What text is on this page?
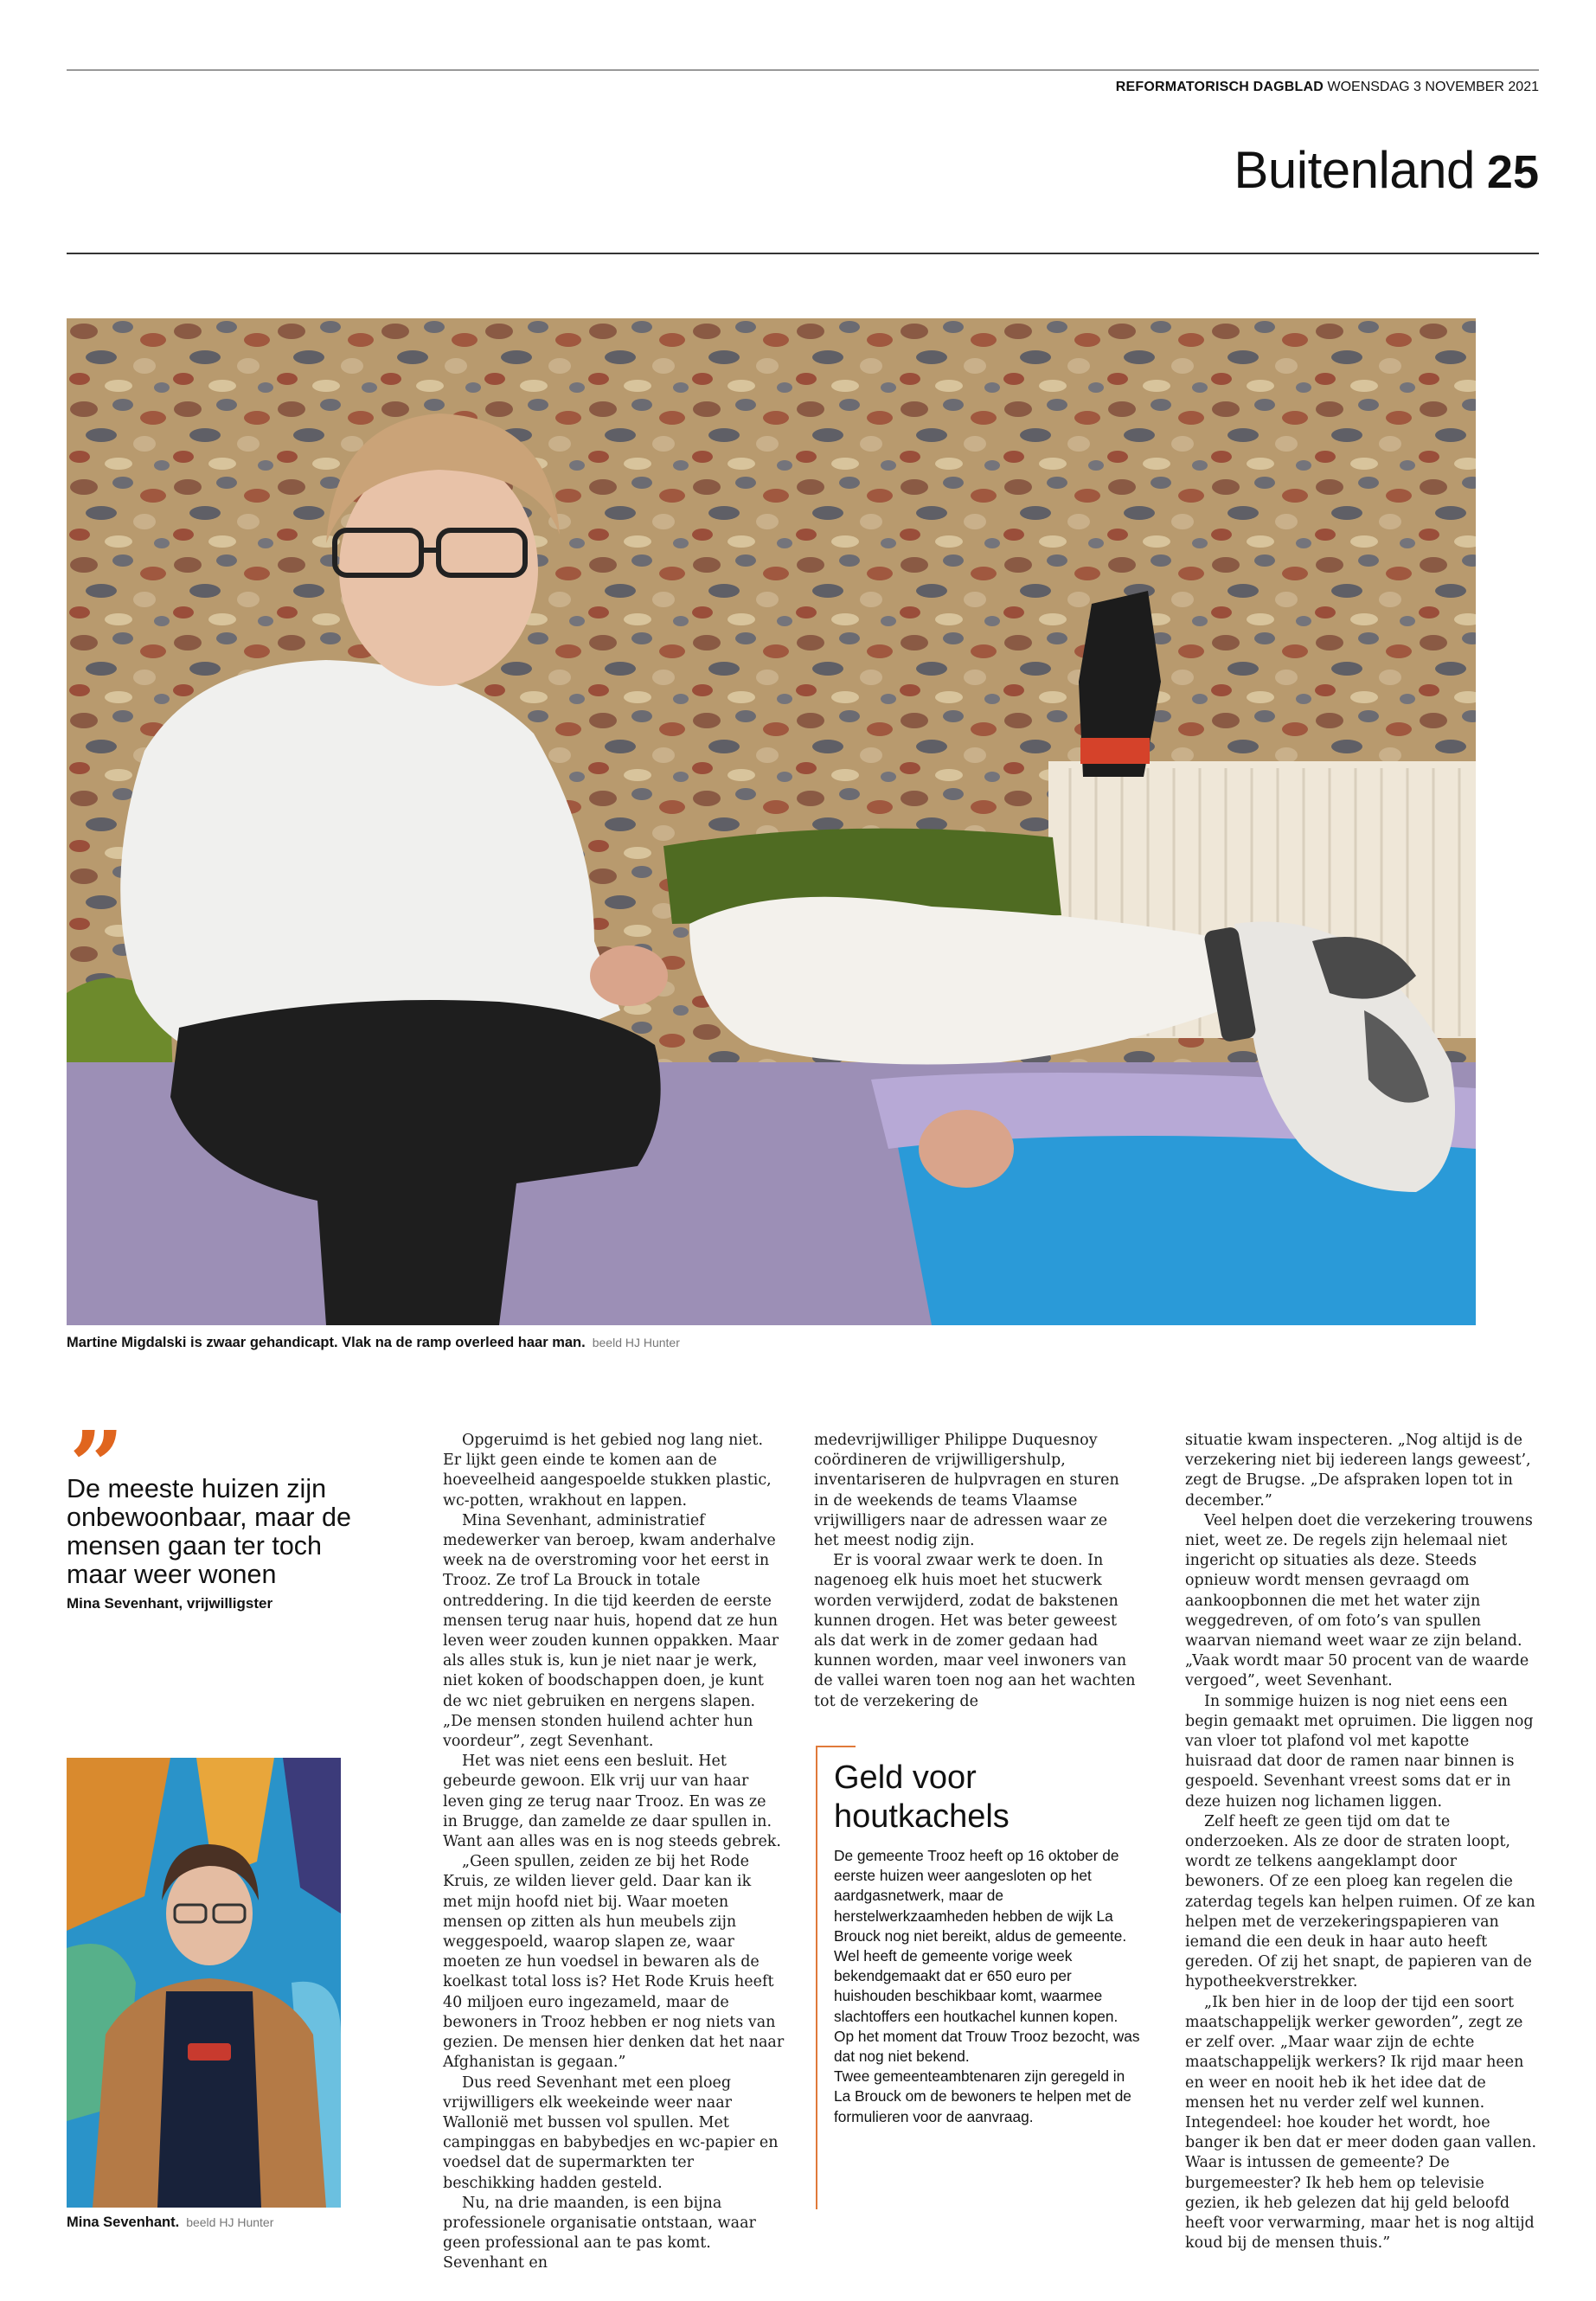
REFORMATORISCH DAGBLAD WOENSDAG 3 NOVEMBER 2021
Buitenland 25
Martine Migdalski is zwaar gehandicapt. Vlak na de ramp overleed haar man. beeld HJ Hunter
”
De meeste huizen zijn onbewoonbaar, maar de mensen gaan ter toch maar weer wonen
Mina Sevenhant, vrijwilligster
Mina Sevenhant. beeld HJ Hunter

Opgeruimd is het gebied nog lang niet. Er lijkt geen einde te komen aan de hoeveelheid aangespoelde stukken plastic, wc-potten, wrakhout en lappen.

Mina Sevenhant, administratief medewerker van beroep, kwam anderhalve week na de overstroming voor het eerst in Trooz. Ze trof La Brouck in totale ontreddering. In die tijd keerden de eerste mensen terug naar huis, hopend dat ze hun leven weer zouden kunnen oppakken. Maar als alles stuk is, kun je niet naar je werk, niet koken of boodschappen doen, je kunt de wc niet gebruiken en nergens slapen. „De mensen stonden huilend achter hun voordeur”, zegt Sevenhant.

Het was niet eens een besluit. Het gebeurde gewoon. Elk vrij uur van haar leven ging ze terug naar Trooz. En was ze in Brugge, dan zamelde ze daar spullen in. Want aan alles was en is nog steeds gebrek.

„Geen spullen, zeiden ze bij het Rode Kruis, ze wilden liever geld. Daar kan ik met mijn hoofd niet bij. Waar moeten mensen op zitten als hun meubels zijn weggespoeld, waarop slapen ze, waar moeten ze hun voedsel in bewaren als de koelkast total loss is? Het Rode Kruis heeft 40 miljoen euro ingezameld, maar de bewoners in Trooz hebben er nog niets van gezien. De mensen hier denken dat het naar Afghanistan is gegaan.”

Dus reed Sevenhant met een ploeg vrijwilligers elk weekeinde weer naar Wallonië met bussen vol spullen. Met campinggas en babybedjes en wc-papier en voedsel dat de supermarkten ter beschikking hadden gesteld.

Nu, na drie maanden, is een bijna professionele organisatie ontstaan, waar geen professional aan te pas komt. Sevenhant en

medevrijwilliger Philippe Duquesnoy coördineren de vrijwilligershulp, inventariseren de hulpvragen en sturen in de weekends de teams Vlaamse vrijwilligers naar de adressen waar ze het meest nodig zijn.

Er is vooral zwaar werk te doen. In nagenoeg elk huis moet het stucwerk worden verwijderd, zodat de bakstenen kunnen drogen. Het was beter geweest als dat werk in de zomer gedaan had kunnen worden, maar veel inwoners van de vallei waren toen nog aan het wachten tot de verzekering de

Geld voor houtkachels

De gemeente Trooz heeft op 16 oktober de eerste huizen weer aangesloten op het aardgasnetwerk, maar de herstelwerkzaamheden hebben de wijk La Brouck nog niet bereikt, aldus de gemeente.

Wel heeft de gemeente vorige week bekendgemaakt dat er 650 euro per huishouden beschikbaar komt, waarmee slachtoffers een houtkachel kunnen kopen. Op het moment dat Trouw Trooz bezocht, was dat nog niet bekend.

Twee gemeenteambtenaren zijn geregeld in La Brouck om de bewoners te helpen met de formulieren voor de aanvraag.

situatie kwam inspecteren. „Nog altijd is de verzekering niet bij iedereen langs geweest’, zegt de Brugse. „De afspraken lopen tot in december.”

Veel helpen doet die verzekering trouwens niet, weet ze. De regels zijn helemaal niet ingericht op situaties als deze. Steeds opnieuw wordt mensen gevraagd om aankoopbonnen die met het water zijn weggedreven, of om foto’s van spullen waarvan niemand weet waar ze zijn beland. „Vaak wordt maar 50 procent van de waarde vergoed”, weet Sevenhant.

In sommige huizen is nog niet eens een begin gemaakt met opruimen. Die liggen nog van vloer tot plafond vol met kapotte huisraad dat door de ramen naar binnen is gespoeld. Sevenhant vreest soms dat er in deze huizen nog lichamen liggen.

Zelf heeft ze geen tijd om dat te onderzoeken. Als ze door de straten loopt, wordt ze telkens aangeklampt door bewoners. Of ze een ploeg kan regelen die zaterdag tegels kan helpen ruimen. Of ze kan helpen met de verzekeringspapieren van iemand die een deuk in haar auto heeft gereden. Of zij het snapt, de papieren van de hypotheekverstrekker.

„Ik ben hier in de loop der tijd een soort maatschappelijk werker geworden”, zegt ze er zelf over. „Maar waar zijn de echte maatschappelijk werkers? Ik rijd maar heen en weer en nooit heb ik het idee dat de mensen het nu verder zelf wel kunnen. Integendeel: hoe kouder het wordt, hoe banger ik ben dat er meer doden gaan vallen. Waar is intussen de gemeente? De burgemeester? Ik heb hem op televisie gezien, ik heb gelezen dat hij geld beloofd heeft voor verwarming, maar het is nog altijd koud bij de mensen thuis.”
